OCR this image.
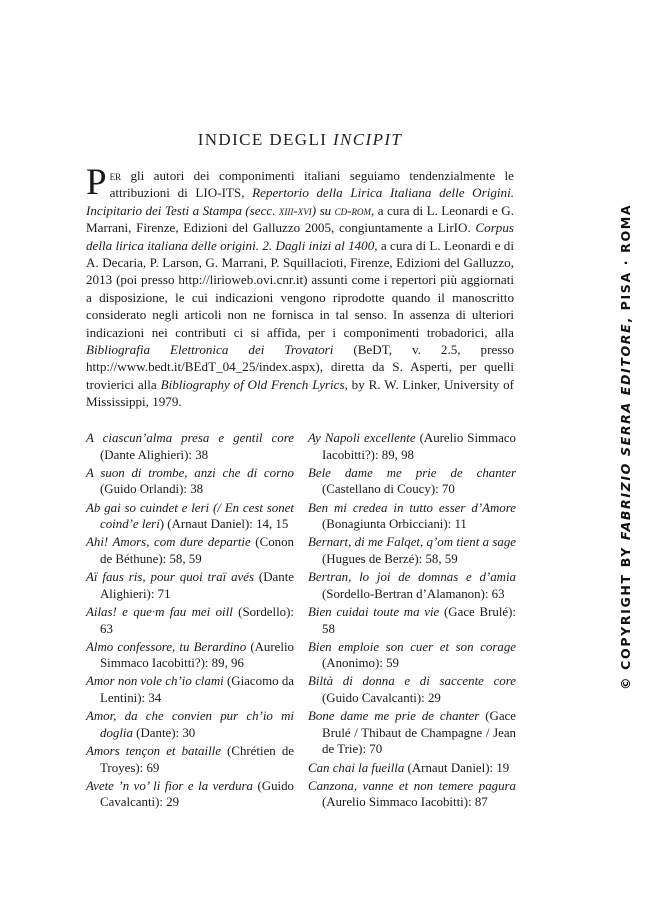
INDICE DEGLI INCIPIT
Per gli autori dei componimenti italiani seguiamo tendenzialmente le attribuzioni di LIO-ITS, Repertorio della Lirica Italiana delle Origini. Incipitario dei Testi a Stampa (secc. xiii-xvi) su cd-rom, a cura di L. Leonardi e G. Marrani, Firenze, Edizioni del Galluzzo 2005, congiuntamente a LirIO. Corpus della lirica italiana delle origini. 2. Dagli inizi al 1400, a cura di L. Leonardi e di A. Decaria, P. Larson, G. Marrani, P. Squillacioti, Firenze, Edizioni del Galluzzo, 2013 (poi presso http://lirioweb.ovi.cnr.it) assunti come i repertori più aggiornati a disposizione, le cui indicazioni vengono riprodotte quando il manoscritto considerato negli articoli non ne fornisca in tal senso. In assenza di ulteriori indicazioni nei contributi ci si affida, per i componimenti trobadorici, alla Bibliografia Elettronica dei Trovatori (BeDT, v. 2.5, presso http://www.bedt.it/BEdT_04_25/index.aspx), diretta da S. Asperti, per quelli trovierici alla Bibliography of Old French Lyrics, by R. W. Linker, University of Mississippi, 1979.
A ciascun’alma presa e gentil core (Dante Alighieri): 38
A suon di trombe, anzi che di corno (Guido Orlandi): 38
Ab gai so cuindet e leri (/ En cest sonet coind’e leri) (Arnaut Daniel): 14, 15
Ahi! Amors, com dure departie (Conon de Béthune): 58, 59
Aï faus ris, pour quoi traï avés (Dante Alighieri): 71
Ailas! e que·m fau mei oill (Sordello): 63
Almo confessore, tu Berardino (Aurelio Simmaco Iacobitti?): 89, 96
Amor non vole ch’io clami (Giacomo da Lentini): 34
Amor, da che convien pur ch’io mi doglia (Dante): 30
Amors tençon et bataille (Chrétien de Troyes): 69
Avete ’n vo’ li fior e la verdura (Guido Cavalcanti): 29
Ay Napoli excellente (Aurelio Simmaco Iacobitti?): 89, 98
Bele dame me prie de chanter (Castellano di Coucy): 70
Ben mi credea in tutto esser d’Amore (Bonagiunta Orbicciani): 11
Bernart, di me Falqet, q’om tient a sage (Hugues de Berzé): 58, 59
Bertran, lo joi de domnas e d’amia (Sordello-Bertran d’Alamanon): 63
Bien cuidai toute ma vie (Gace Brulé): 58
Bien emploie son cuer et son corage (Anonimo): 59
Biltà di donna e di saccente core (Guido Cavalcanti): 29
Bone dame me prie de chanter (Gace Brulé / Thibaut de Champagne / Jean de Trie): 70
Can chai la fueilla (Arnaut Daniel): 19
Canzona, vanne et non temere pagura (Aurelio Simmaco Iacobitti): 87
© COPYRIGHT BY FABRIZIO SERRA EDITORE, PISA · ROMA
